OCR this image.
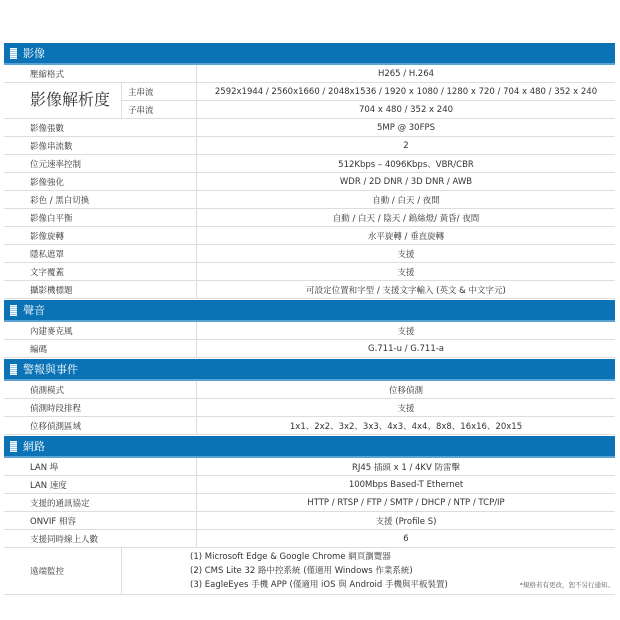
影像
壓縮格式	H265 / H.264
影像解析度	主串流	2592x1944 / 2560x1660 / 2048x1536 / 1920 x 1080 / 1280 x 720 / 704 x 480 / 352 x 240
子串流	704 x 480 / 352 x 240
影像張數	5MP @ 30FPS
影像串流數	2
位元速率控制	512Kbps – 4096Kbps、VBR/CBR
影像強化	WDR / 2D DNR / 3D DNR / AWB
彩色 / 黑白切換	自動 / 白天 / 夜間
影像白平衡	自動 / 白天 / 陰天 / 鎢絲燈/ 黃昏/ 夜間
影像旋轉	水平旋轉 / 垂直旋轉
隱私遮罩	支援
文字覆蓋	支援
攝影機標題	可設定位置和字型 / 支援文字輸入 (英文 & 中文字元)
聲音
內建麥克風	支援
編碼	G.711-u / G.711-a
警報與事件
偵測模式	位移偵測
偵測時段排程	支援
位移偵測區域	1x1、2x2、3x2、3x3、4x3、4x4、8x8、16x16、20x15
網路
LAN 埠	RJ45 插頭 x 1 / 4KV 防雷擊
LAN 速度	100Mbps Based-T Ethernet
支援的通訊協定	HTTP / RTSP / FTP / SMTP / DHCP / NTP / TCP/IP
ONVIF 相容	支援 (Profile S)
支援同時線上人數	6
遠端監控
(1) Microsoft Edge & Google Chrome 網頁瀏覽器
(2) CMS Lite 32 路中控系統 (僅適用 Windows 作業系統)
(3) EagleEyes 手機 APP (僅適用 iOS 與 Android 手機與平板裝置)	*規格若有更改，恕不另行通知。
